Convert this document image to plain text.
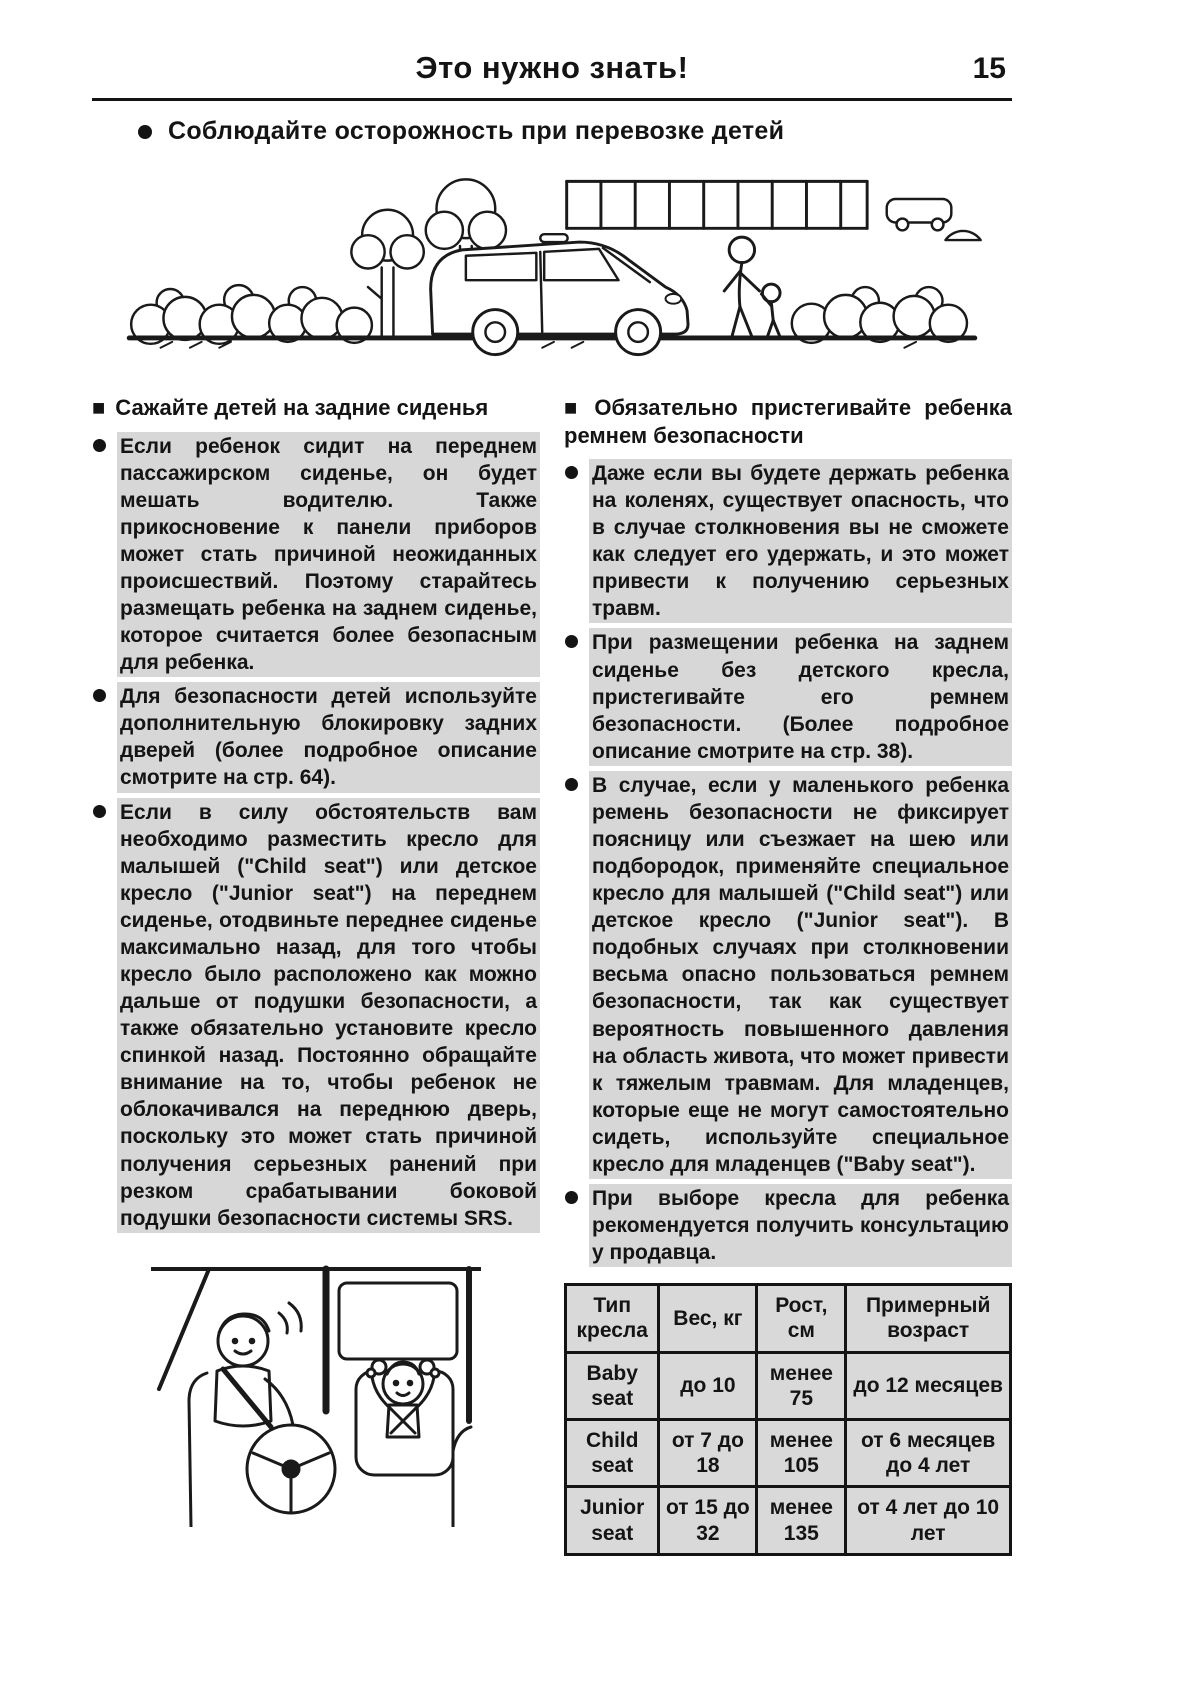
Это нужно знать!	15
Соблюдайте осторожность при перевозке детей
■ Сажайте детей на задние сиденья

Если ребенок сидит на переднем пассажирском сиденье, он будет мешать водителю. Также прикосновение к панели приборов может стать причиной неожиданных происшествий. Поэтому старайтесь размещать ребенка на заднем сиденье, которое считается более безопасным для ребенка.

Для безопасности детей используйте дополнительную блокировку задних дверей (более подробное описание смотрите на стр. 64).

Если в силу обстоятельств вам необходимо разместить кресло для малышей ("Child seat") или детское кресло ("Junior seat") на переднем сиденье, отодвиньте переднее сиденье максимально назад, для того чтобы кресло было расположено как можно дальше от подушки безопасности, а также обязательно установите кресло спинкой назад. Постоянно обращайте внимание на то, чтобы ребенок не облокачивался на переднюю дверь, поскольку это может стать причиной получения серьезных ранений при резком срабатывании боковой подушки безопасности системы SRS.

■ Обязательно пристегивайте ребенка ремнем безопасности

Даже если вы будете держать ребенка на коленях, существует опасность, что в случае столкновения вы не сможете как следует его удержать, и это может привести к получению серьезных травм.

При размещении ребенка на заднем сиденье без детского кресла, пристегивайте его ремнем безопасности. (Более подробное описание смотрите на стр. 38).

В случае, если у маленького ребенка ремень безопасности не фиксирует поясницу или съезжает на шею или подбородок, применяйте специальное кресло для малышей ("Child seat") или детское кресло ("Junior seat"). В подобных случаях при столкновении весьма опасно пользоваться ремнем безопасности, так как существует вероятность повышенного давления на область живота, что может привести к тяжелым травмам. Для младенцев, которые еще не могут самостоятельно сидеть, используйте специальное кресло для младенцев ("Baby seat").

При выборе кресла для ребенка рекомендуется получить консультацию у продавца.

Тип кресла	Вес, кг	Рост, см	Примерный возраст
Baby seat	до 10	менее 75	до 12 месяцев
Child seat	от 7 до 18	менее 105	от 6 месяцев до 4 лет
Junior seat	от 15 до 32	менее 135	от 4 лет до 10 лет
